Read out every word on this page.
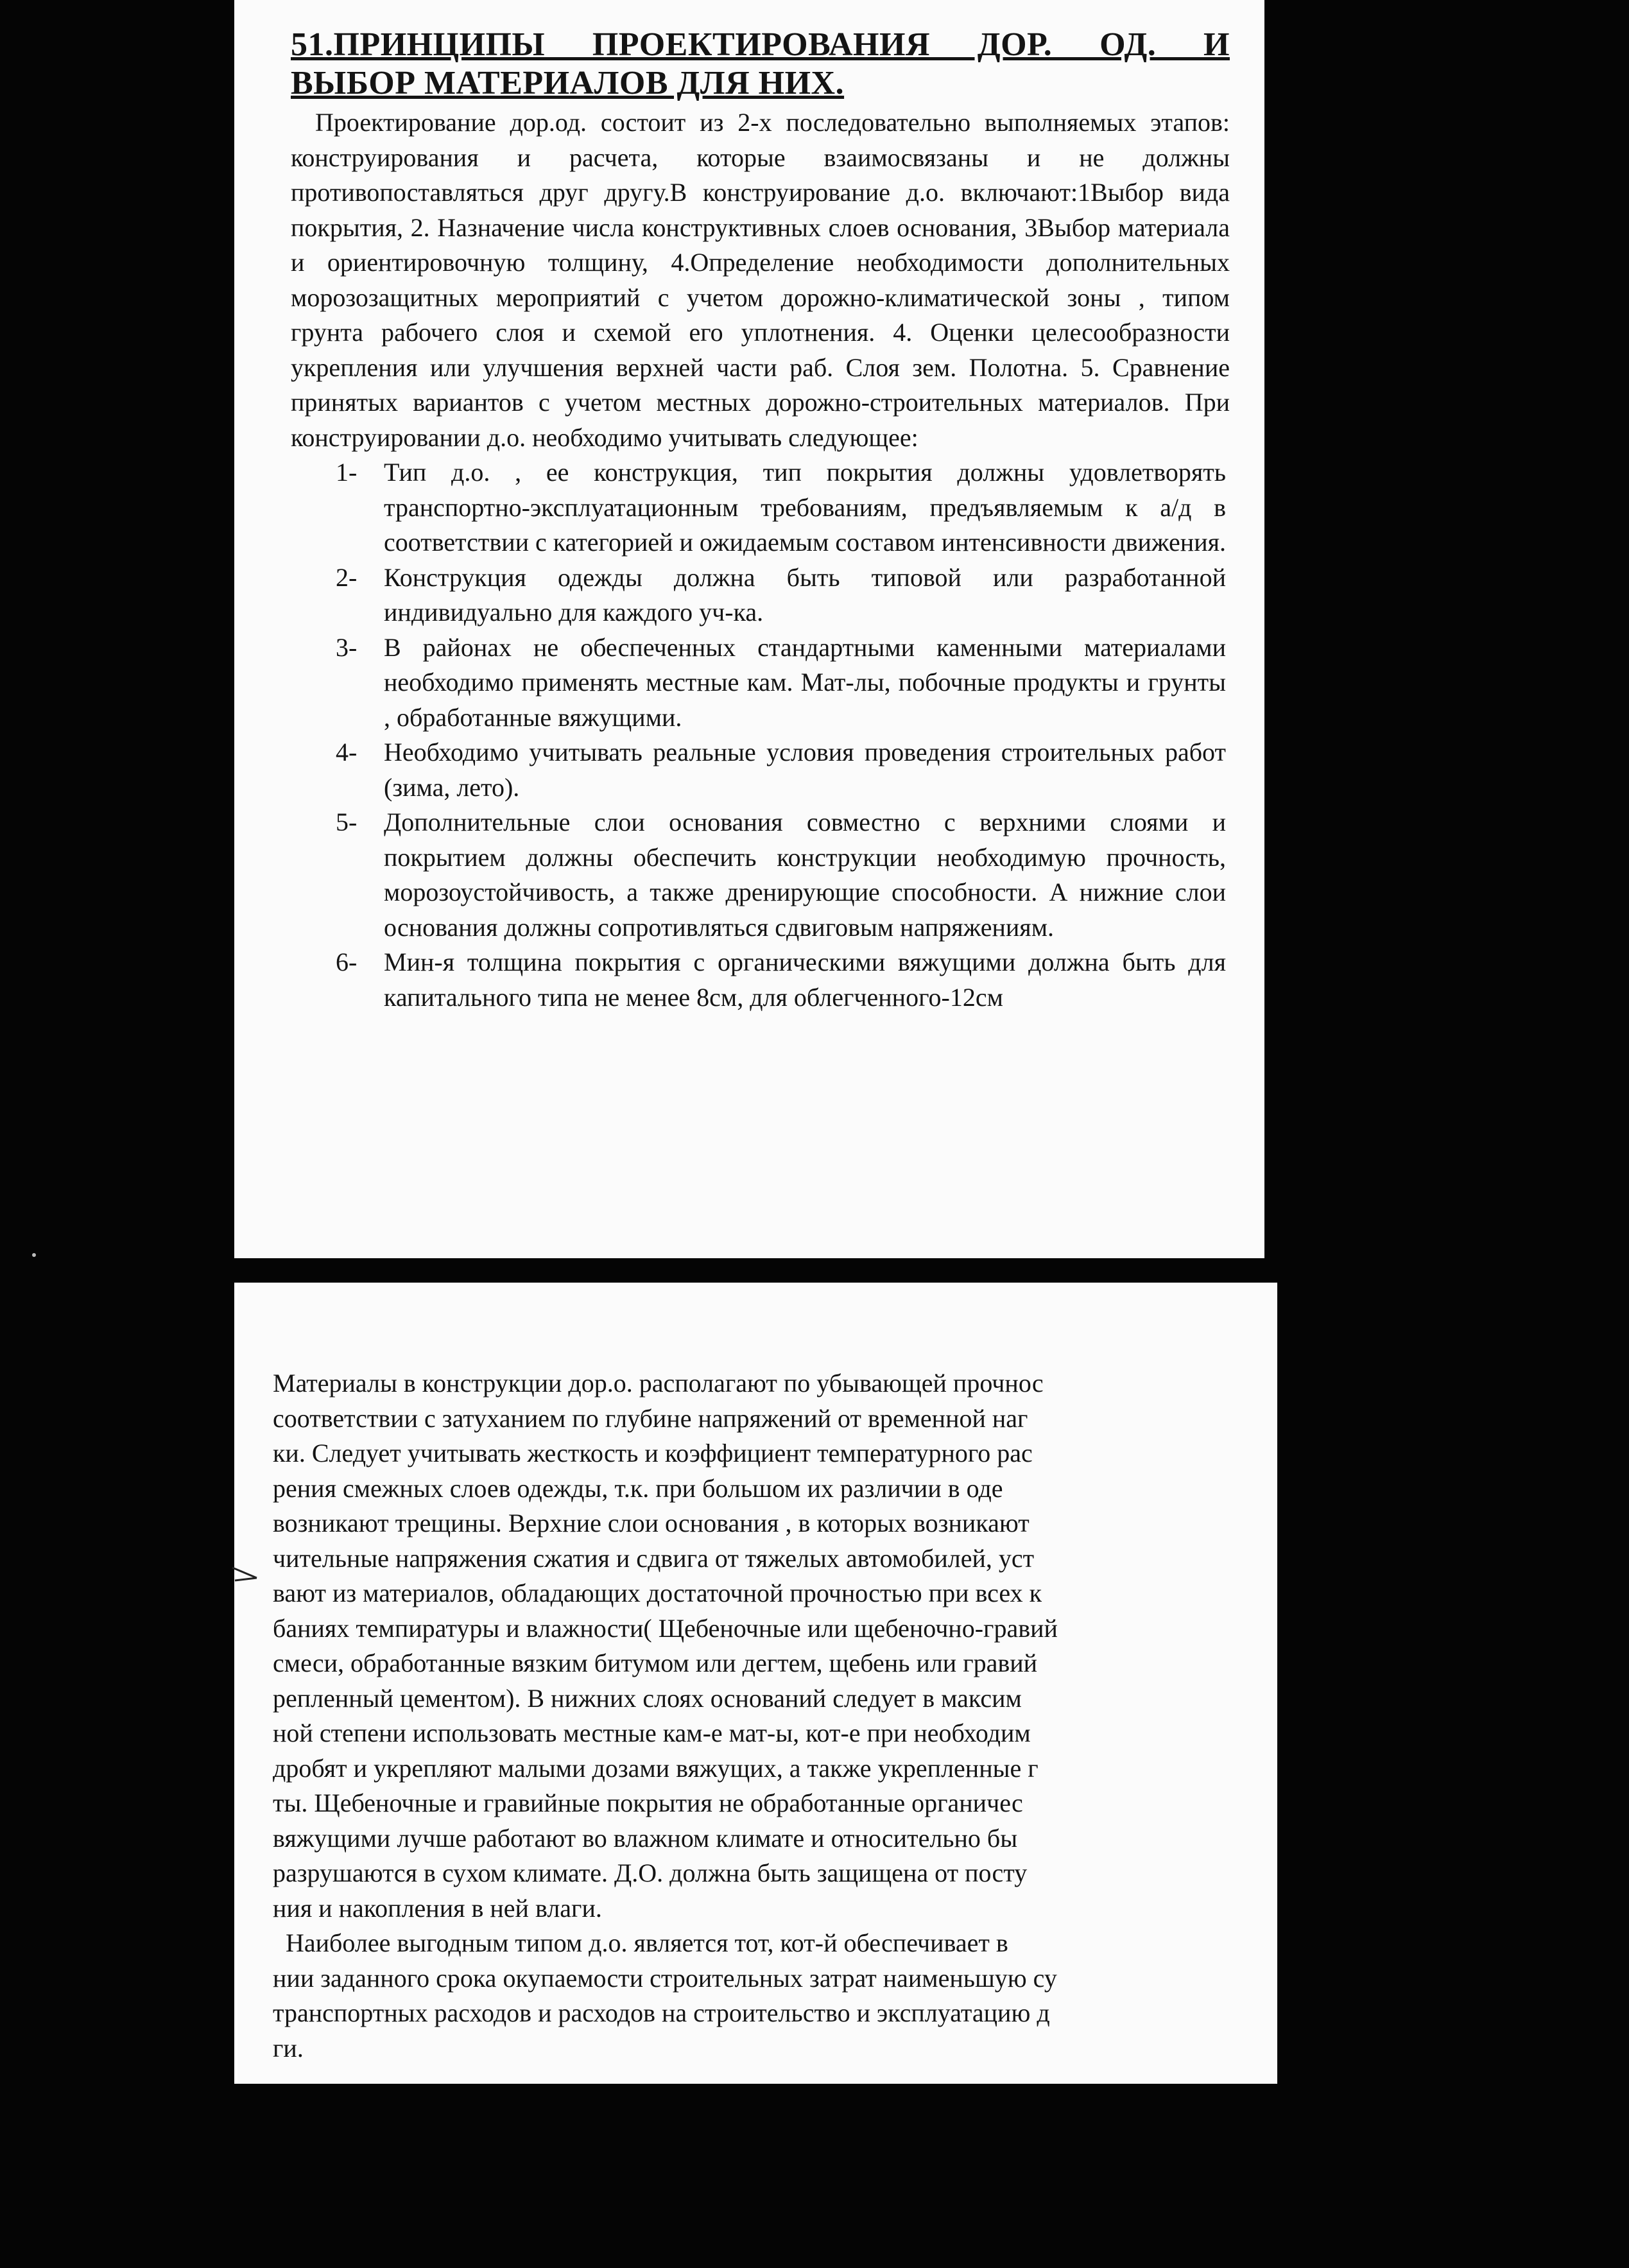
51.ПРИНЦИПЫ ПРОЕКТИРОВАНИЯ ДОР. ОД. И

ВЫБОР МАТЕРИАЛОВ ДЛЯ НИХ.

Проектирование дор.од. состоит из 2-х последовательно выполняемых этапов: конструирования и расчета, которые взаимосвязаны и не должны противопоставляться друг другу.В конструирование д.о. включают:1Выбор вида покрытия, 2. Назначение числа конструктивных слоев основания, 3Выбор материала и ориентировочную толщину, 4.Определение необходимости дополнительных морозозащитных мероприятий с учетом дорожно-климатической зоны , типом грунта рабочего слоя и схемой его уплотнения. 4. Оценки целесообразности укрепления или улучшения верхней части раб. Слоя зем. Полотна. 5. Сравнение принятых вариантов с учетом местных дорожно-строительных материалов. При конструировании д.о. необходимо учитывать следующее:

1- Тип д.о. , ее конструкция, тип покрытия должны удовлетворять транспортно-эксплуатационным требованиям, предъявляемым к а/д в соответствии с категорией и ожидаемым составом интенсивности движения.
2- Конструкция одежды должна быть типовой или разработанной индивидуально для каждого уч-ка.
3- В районах не обеспеченных стандартными каменными материалами необходимо применять местные кам. Мат-лы, побочные продукты и грунты , обработанные вяжущими.
4- Необходимо учитывать реальные условия проведения строительных работ (зима, лето).
5- Дополнительные слои основания совместно с верхними слоями и покрытием должны обеспечить конструкции необходимую прочность, морозоустойчивость, а также дренирующие способности. А нижние слои основания должны сопротивляться сдвиговым напряжениям.
6- Мин-я толщина покрытия с органическими вяжущими должна быть для капитального типа не менее 8см, для облегченного-12см
Материалы в конструкции дор.о. располагают по убывающей прочнос
соответствии с затуханием по глубине напряжений от временной наг
ки. Следует учитывать жесткость и коэффициент температурного рас
рения смежных слоев одежды, т.к. при большом их различии в оде
возникают трещины. Верхние слои основания , в которых возникают
чительные напряжения сжатия и сдвига от тяжелых автомобилей, уст
вают из материалов, обладающих достаточной прочностью при всех к
баниях темпиратуры и влажности( Щебеночные или щебеночно-гравий
смеси, обработанные вязким битумом или дегтем, щебень или гравий
репленный цементом). В нижних слоях оснований следует в максим
ной степени использовать местные кам-е мат-ы, кот-е при необходим
дробят и укрепляют малыми дозами вяжущих, а также укрепленные г
ты. Щебеночные и гравийные покрытия не обработанные органичес
вяжущими лучше работают во влажном климате и относительно бы
разрушаются в сухом климате. Д.О. должна быть защищена от посту
ния и накопления в ней влаги.
Наиболее выгодным типом д.о. является тот, кот-й обеспечивает в
нии заданного срока окупаемости строительных затрат наименьшую су
транспортных расходов и расходов на строительство и эксплуатацию д
ги.
